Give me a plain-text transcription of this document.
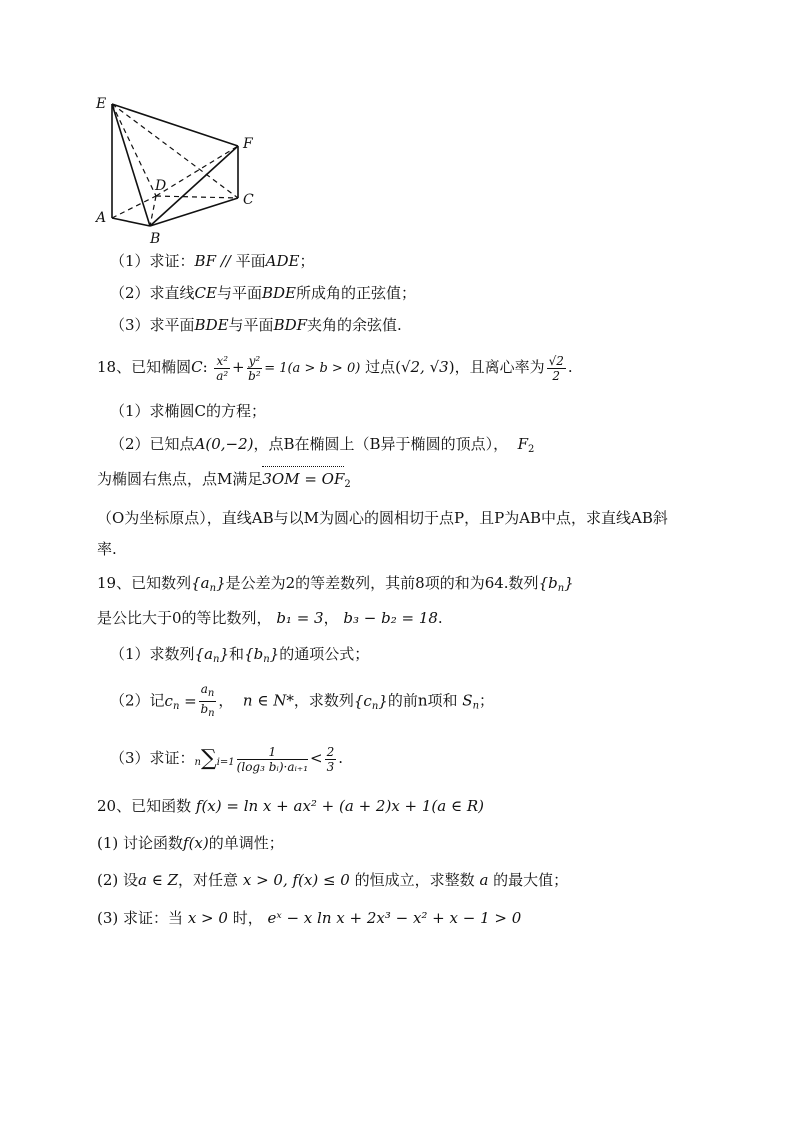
E
F
D
C
A
B
（1）求证：BF // 平面ADE；
（2）求直线CE与平面BDE所成角的正弦值；
（3）求平面BDE与平面BDF夹角的余弦值.
18、已知椭圆C: $\frac{\text{x²}}{\text{a²}} + \frac{\text{y²}}{\text{b²}} = 1(a > b > 0)$ 过点(√2, √3)，且离心率为 $\frac{√2}{2}$ .
（1）求椭圆C的方程；
（2）已知点A(0,−2)，点B在椭圆上（B异于椭圆的顶点）， $F_2$
为椭圆右焦点，点M满足$3OM = OF_2$
（O为坐标原点），直线AB与以M为圆心的圆相切于点P，且P为AB中点，求直线AB斜
率.
19、已知数列$\{a_n\}$是公差为2的等差数列，其前8项的和为64.数列$\{b_n\}$
是公比大于0的等比数列， b₁ = 3， b₃ − b₂ = 18.
（1）求数列$\{a_n\}$和$\{b_n\}$的通项公式；
（2）记$c_n = \frac{a_n}{b_n}$ ， n ∈ N*，求数列$\{c_n\}$的前n项和 $S_n$；
（3）求证：$n\sum i=1 \frac{1}{\text{(log₃ bᵢ)·aᵢ₊₁}} < \frac{2}{3}$ .
20、已知函数 f(x) = ln x + ax² + (a + 2)x + 1(a ∈ R)
(1) 讨论函数f(x)的单调性；
(2) 设a ∈ Z，对任意 x > 0, f(x) ≤ 0 的恒成立，求整数 a 的最大值；
(3) 求证：当 x > 0 时， eˣ − x ln x + 2x³ − x² + x − 1 > 0
